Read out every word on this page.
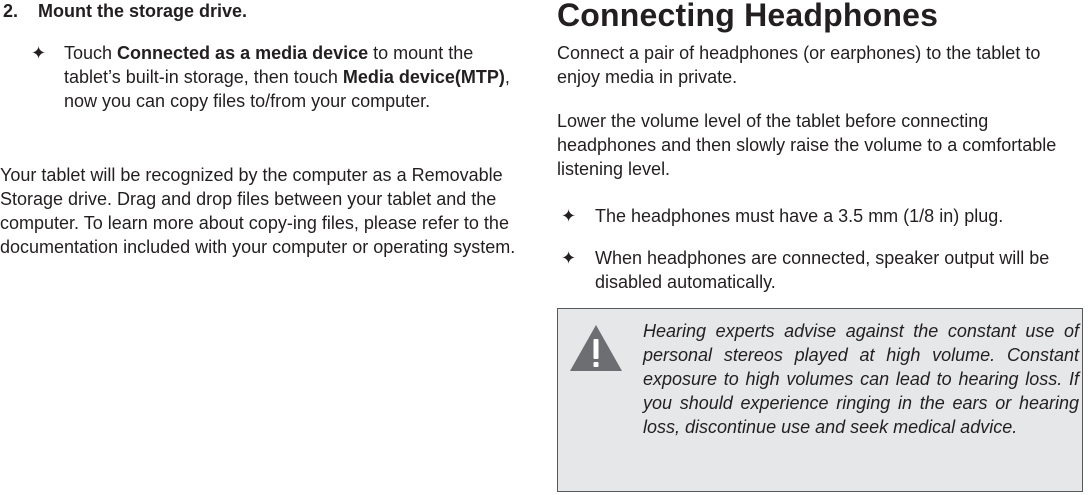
2. Mount the storage drive.
✦ Touch Connected as a media device to mount the tablet’s built-in storage, then touch Media device(MTP), now you can copy files to/from your computer.
Your tablet will be recognized by the computer as a Removable Storage drive. Drag and drop files between your tablet and the computer. To learn more about copy-ing files, please refer to the documentation included with your computer or operating system.
Connecting Headphones
Connect a pair of headphones (or earphones) to the tablet to enjoy media in private.
Lower the volume level of the tablet before connecting headphones and then slowly raise the volume to a comfortable listening level.
✦ The headphones must have a 3.5 mm (1/8 in) plug.
✦ When headphones are connected, speaker output will be disabled automatically.
Hearing experts advise against the constant use of personal stereos played at high volume. Constant exposure to high volumes can lead to hearing loss. If you should experience ringing in the ears or hearing loss, discontinue use and seek medical advice.
